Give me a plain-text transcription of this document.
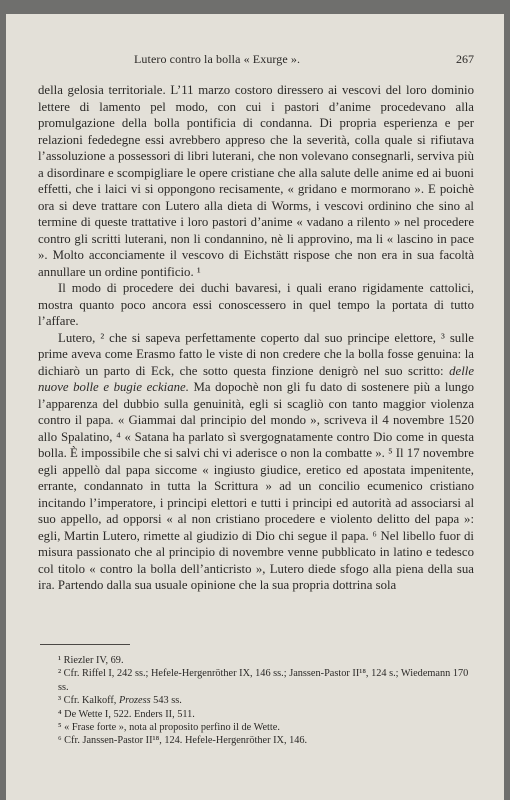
Lutero contro la bolla « Exurge ».	267

della gelosia territoriale. L’11 marzo costoro diressero ai vescovi del loro dominio lettere di lamento pel modo, con cui i pastori d’anime procedevano alla promulgazione della bolla pontificia di condanna. Di propria esperienza e per relazioni fededegne essi avrebbero appreso che la severità, colla quale si rifiutava l’assoluzione a possessori di libri luterani, che non volevano consegnarli, serviva più a disordinare e scompigliare le opere cristiane che alla salute delle anime ed ai buoni effetti, che i laici vi si oppongono recisamente, « gridano e mormorano ». E poichè ora si deve trattare con Lutero alla dieta di Worms, i vescovi ordinino che sino al termine di queste trattative i loro pastori d’anime « vadano a rilento » nel procedere contro gli scritti luterani, non li condannino, nè li approvino, ma li « lascino in pace ». Molto acconciamente il vescovo di Eichstätt rispose che non era in sua facoltà annullare un ordine pontificio. ¹

Il modo di procedere dei duchi bavaresi, i quali erano rigidamente cattolici, mostra quanto poco ancora essi conoscessero in quel tempo la portata di tutto l’affare.

Lutero, ² che si sapeva perfettamente coperto dal suo principe elettore, ³ sulle prime aveva come Erasmo fatto le viste di non credere che la bolla fosse genuina: la dichiarò un parto di Eck, che sotto questa finzione denigrò nel suo scritto: delle nuove bolle e bugie eckiane. Ma dopochè non gli fu dato di sostenere più a lungo l’apparenza del dubbio sulla genuinità, egli si scagliò con tanto maggior violenza contro il papa. « Giammai dal principio del mondo », scriveva il 4 novembre 1520 allo Spalatino, ⁴ « Satana ha parlato sì svergognatamente contro Dio come in questa bolla. È impossibile che si salvi chi vi aderisce o non la combatte ». ⁵ Il 17 novembre egli appellò dal papa siccome « ingiusto giudice, eretico ed apostata impenitente, errante, condannato in tutta la Scrittura » ad un concilio ecumenico cristiano incitando l’imperatore, i principi elettori e tutti i principi ed autorità ad associarsi al suo appello, ad opporsi « al non cristiano procedere e violento delitto del papa »: egli, Martin Lutero, rimette al giudizio di Dio chi segue il papa. ⁶ Nel libello fuor di misura passionato che al principio di novembre venne pubblicato in latino e tedesco col titolo « contro la bolla dell’anticristo », Lutero diede sfogo alla piena della sua ira. Partendo dalla sua usuale opinione che la sua propria dottrina sola

¹ Riezler IV, 69.
² Cfr. Riffel I, 242 ss.; Hefele-Hergenröther IX, 146 ss.; Janssen-Pastor II¹⁸, 124 s.; Wiedemann 170 ss.
³ Cfr. Kalkoff, Prozess 543 ss.
⁴ De Wette I, 522. Enders II, 511.
⁵ « Frase forte », nota al proposito perfino il de Wette.
⁶ Cfr. Janssen-Pastor II¹⁸, 124. Hefele-Hergenröther IX, 146.
